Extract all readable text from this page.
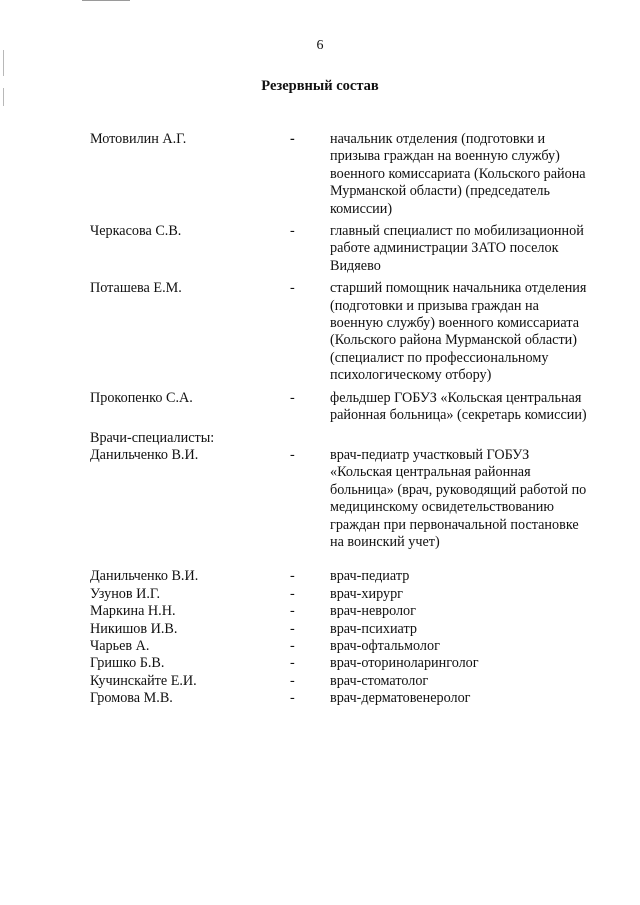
6
Резервный состав
Мотовилин А.Г.	-	начальник отделения (подготовки и
призыва граждан на военную службу)
военного комиссариата (Кольского района
Мурманской области) (председатель
комиссии)
Черкасова С.В.	-	главный специалист по мобилизационной
работе администрации ЗАТО поселок
Видяево
Поташева Е.М.	-	старший помощник начальника отделения
(подготовки и призыва граждан на
военную службу) военного комиссариата
(Кольского района Мурманской области)
(специалист по профессиональному
психологическому отбору)
Прокопенко С.А.	-	фельдшер ГОБУЗ «Кольская центральная
районная больница» (секретарь комиссии)
Врачи-специалисты:
Данильченко В.И.	-	врач-педиатр участковый ГОБУЗ
«Кольская центральная районная
больница» (врач, руководящий работой по
медицинскому освидетельствованию
граждан при первоначальной постановке
на воинский учет)
Данильченко В.И.	-	врач-педиатр
Узунов И.Г.	-	врач-хирург
Маркина Н.Н.	-	врач-невролог
Никишов И.В.	-	врач-психиатр
Чарьев А.	-	врач-офтальмолог
Гришко Б.В.	-	врач-оториноларинголог
Кучинскайте Е.И.	-	врач-стоматолог
Громова М.В.	-	врач-дерматовенеролог
